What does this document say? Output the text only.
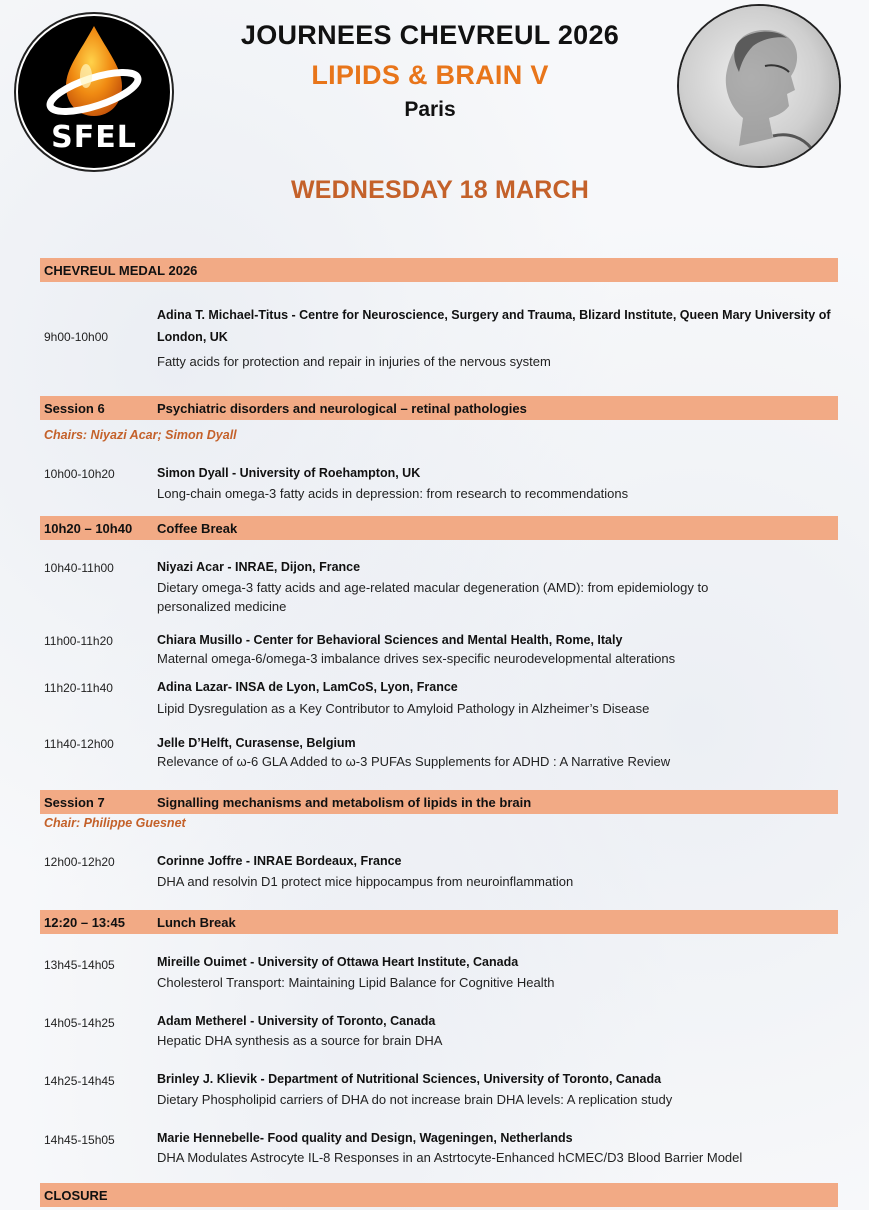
SFEL
JOURNEES CHEVREUL 2026
LIPIDS & BRAIN V
Paris
WEDNESDAY 18 MARCH
CHEVREUL MEDAL 2026
9h00-10h00
Adina T. Michael-Titus - Centre for Neuroscience, Surgery and Trauma, Blizard Institute, Queen Mary University of London, UK
Fatty acids for protection and repair in injuries of the nervous system
Session 6	Psychiatric disorders and neurological – retinal pathologies
Chairs: Niyazi Acar; Simon Dyall
10h00-10h20	Simon Dyall - University of Roehampton, UK
Long-chain omega-3 fatty acids in depression: from research to recommendations
10h20 – 10h40 Coffee Break
10h40-11h00	Niyazi Acar - INRAE, Dijon, France
Dietary omega-3 fatty acids and age-related macular degeneration (AMD): from epidemiology to personalized medicine
11h00-11h20	Chiara Musillo - Center for Behavioral Sciences and Mental Health, Rome, Italy
Maternal omega-6/omega-3 imbalance drives sex-specific neurodevelopmental alterations
11h20-11h40	Adina Lazar- INSA de Lyon, LamCoS, Lyon, France
Lipid Dysregulation as a Key Contributor to Amyloid Pathology in Alzheimer’s Disease
11h40-12h00	Jelle D’Helft, Curasense, Belgium
Relevance of ω-6 GLA Added to ω-3 PUFAs Supplements for ADHD : A Narrative Review
Session 7	Signalling mechanisms and metabolism of lipids in the brain
Chair: Philippe Guesnet
12h00-12h20	Corinne Joffre - INRAE Bordeaux, France
DHA and resolvin D1 protect mice hippocampus from neuroinflammation
12:20 – 13:45 Lunch Break
13h45-14h05	Mireille Ouimet - University of Ottawa Heart Institute, Canada
Cholesterol Transport: Maintaining Lipid Balance for Cognitive Health
14h05-14h25	Adam Metherel - University of Toronto, Canada
Hepatic DHA synthesis as a source for brain DHA
14h25-14h45	Brinley J. Klievik - Department of Nutritional Sciences, University of Toronto, Canada
Dietary Phospholipid carriers of DHA do not increase brain DHA levels: A replication study
14h45-15h05	Marie Hennebelle- Food quality and Design, Wageningen, Netherlands
DHA Modulates Astrocyte IL-8 Responses in an Astrtocyte-Enhanced hCMEC/D3 Blood Barrier Model
CLOSURE
